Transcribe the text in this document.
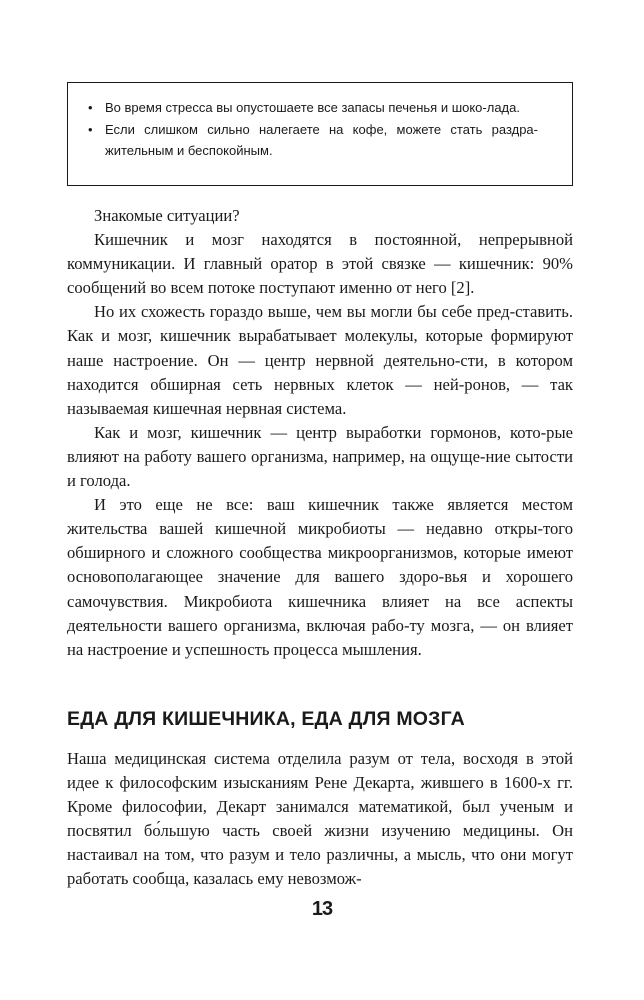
• Во время стресса вы опустошаете все запасы печенья и шоко-лада.
• Если слишком сильно налегаете на кофе, можете стать раздра-жительным и беспокойным.

Знакомые ситуации?

Кишечник и мозг находятся в постоянной, непрерывной коммуникации. И главный оратор в этой связке — кишечник: 90% сообщений во всем потоке поступают именно от него [2].

Но их схожесть гораздо выше, чем вы могли бы себе пред-ставить. Как и мозг, кишечник вырабатывает молекулы, которые формируют наше настроение. Он — центр нервной деятельно-сти, в котором находится обширная сеть нервных клеток — ней-ронов, — так называемая кишечная нервная система.

Как и мозг, кишечник — центр выработки гормонов, кото-рые влияют на работу вашего организма, например, на ощуще-ние сытости и голода.

И это еще не все: ваш кишечник также является местом жительства вашей кишечной микробиоты — недавно откры-того обширного и сложного сообщества микроорганизмов, которые имеют основополагающее значение для вашего здоро-вья и хорошего самочувствия. Микробиота кишечника влияет на все аспекты деятельности вашего организма, включая рабо-ту мозга, — он влияет на настроение и успешность процесса мышления.

ЕДА ДЛЯ КИШЕЧНИКА, ЕДА ДЛЯ МОЗГА

Наша медицинская система отделила разум от тела, восходя в этой идее к философским изысканиям Рене Декарта, жившего в 1600-х гг. Кроме философии, Декарт занимался математикой, был ученым и посвятил бо́льшую часть своей жизни изучению медицины. Он настаивал на том, что разум и тело различны, а мысль, что они могут работать сообща, казалась ему невозмож-

13
